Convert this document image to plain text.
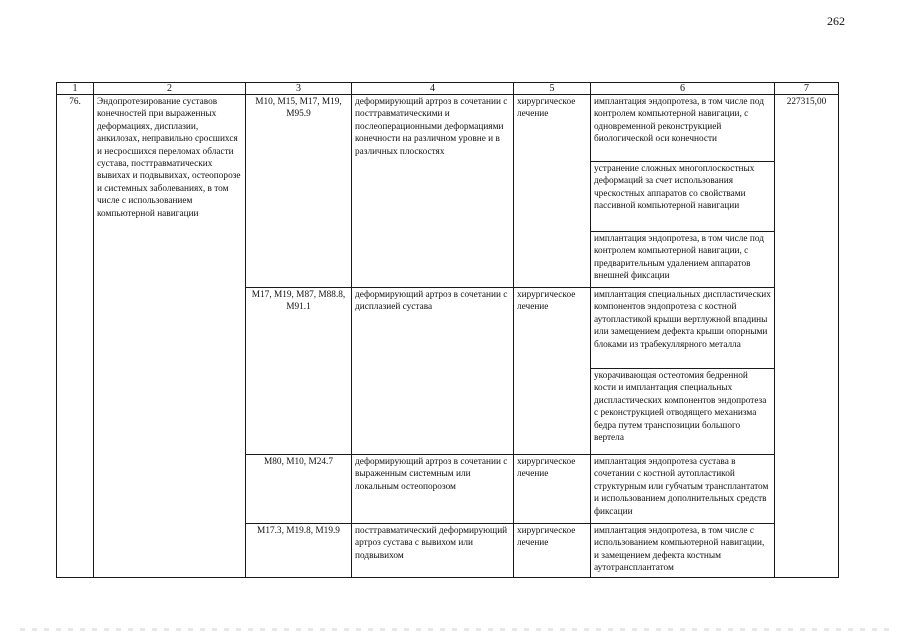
262
1	2	3	4	5	6	7
76.	Эндопротезирование суставов конечностей при выраженных деформациях, дисплазии, анкилозах, неправильно сросшихся и несросшихся переломах области сустава, посттравматических вывихах и подвывихах, остеопорозе и системных заболеваниях, в том числе с использованием компьютерной навигации	M10, M15, M17, M19, M95.9	деформирующий артроз в сочетании с посттравматическими и послеоперационными деформациями конечности на различном уровне и в различных плоскостях	хирургическое лечение	имплантация эндопротеза, в том числе под контролем компьютерной навигации, с одновременной реконструкцией биологической оси конечности	227315,00
					устранение сложных многоплоскостных деформаций за счет использования чрескостных аппаратов со свойствами пассивной компьютерной навигации	
					имплантация эндопротеза, в том числе под контролем компьютерной навигации, с предварительным удалением аппаратов внешней фиксации	
		M17, M19, M87, M88.8, M91.1	деформирующий артроз в сочетании с дисплазией сустава	хирургическое лечение	имплантация специальных диспластических компонентов эндопротеза с костной аутопластикой крыши вертлужной впадины или замещением дефекта крыши опорными блоками из трабекуллярного металла	
					укорачивающая остеотомия бедренной кости и имплантация специальных диспластических компонентов эндопротеза с реконструкцией отводящего механизма бедра путем транспозиции большого вертела	
		M80, M10, M24.7	деформирующий артроз в сочетании с выраженным системным или локальным остеопорозом	хирургическое лечение	имплантация эндопротеза сустава в сочетании с костной аутопластикой структурным или губчатым трансплантатом и использованием дополнительных средств фиксации	
		M17.3, M19.8, M19.9	посттравматический деформирующий артроз сустава с вывихом или подвывихом	хирургическое лечение	имплантация эндопротеза, в том числе с использованием компьютерной навигации, и замещением дефекта костным аутотрансплантатом	
